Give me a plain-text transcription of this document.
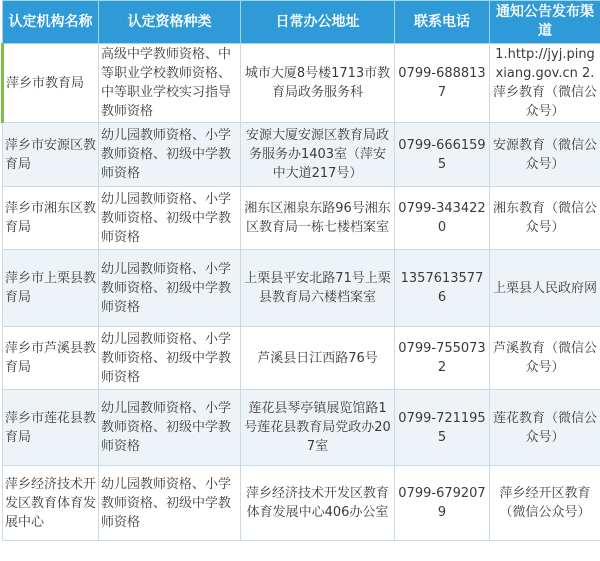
认定机构名称	认定资格种类	日常办公地址	联系电话	通知公告发布渠道
萍乡市教育局	高级中学教师资格、中等职业学校教师资格、中等职业学校实习指导教师资格	城市大厦8号楼1713市教育局政务服务科	0799-6888137	1.http://jyj.pingxiang.gov.cn 2.萍乡教育（微信公众号）
萍乡市安源区教育局	幼儿园教师资格、小学教师资格、初级中学教师资格	安源大厦安源区教育局政务服务办1403室（萍安中大道217号）	0799-6661595	安源教育（微信公众号）
萍乡市湘东区教育局	幼儿园教师资格、小学教师资格、初级中学教师资格	湘东区湘泉东路96号湘东区教育局一栋七楼档案室	0799-3434220	湘东教育（微信公众号）
萍乡市上栗县教育局	幼儿园教师资格、小学教师资格、初级中学教师资格	上栗县平安北路71号上栗县教育局六楼档案室	13576135776	上栗县人民政府网
萍乡市芦溪县教育局	幼儿园教师资格、小学教师资格、初级中学教师资格	芦溪县日江西路76号	0799-7550732	芦溪教育（微信公众号）
萍乡市莲花县教育局	幼儿园教师资格、小学教师资格、初级中学教师资格	莲花县琴亭镇展览馆路1号莲花县教育局党政办207室	0799-7211955	莲花教育（微信公众号）
萍乡经济技术开发区教育体育发展中心	幼儿园教师资格、小学教师资格、初级中学教师资格	萍乡经济技术开发区教育体育发展中心406办公室	0799-6792079	萍乡经开区教育（微信公众号）
